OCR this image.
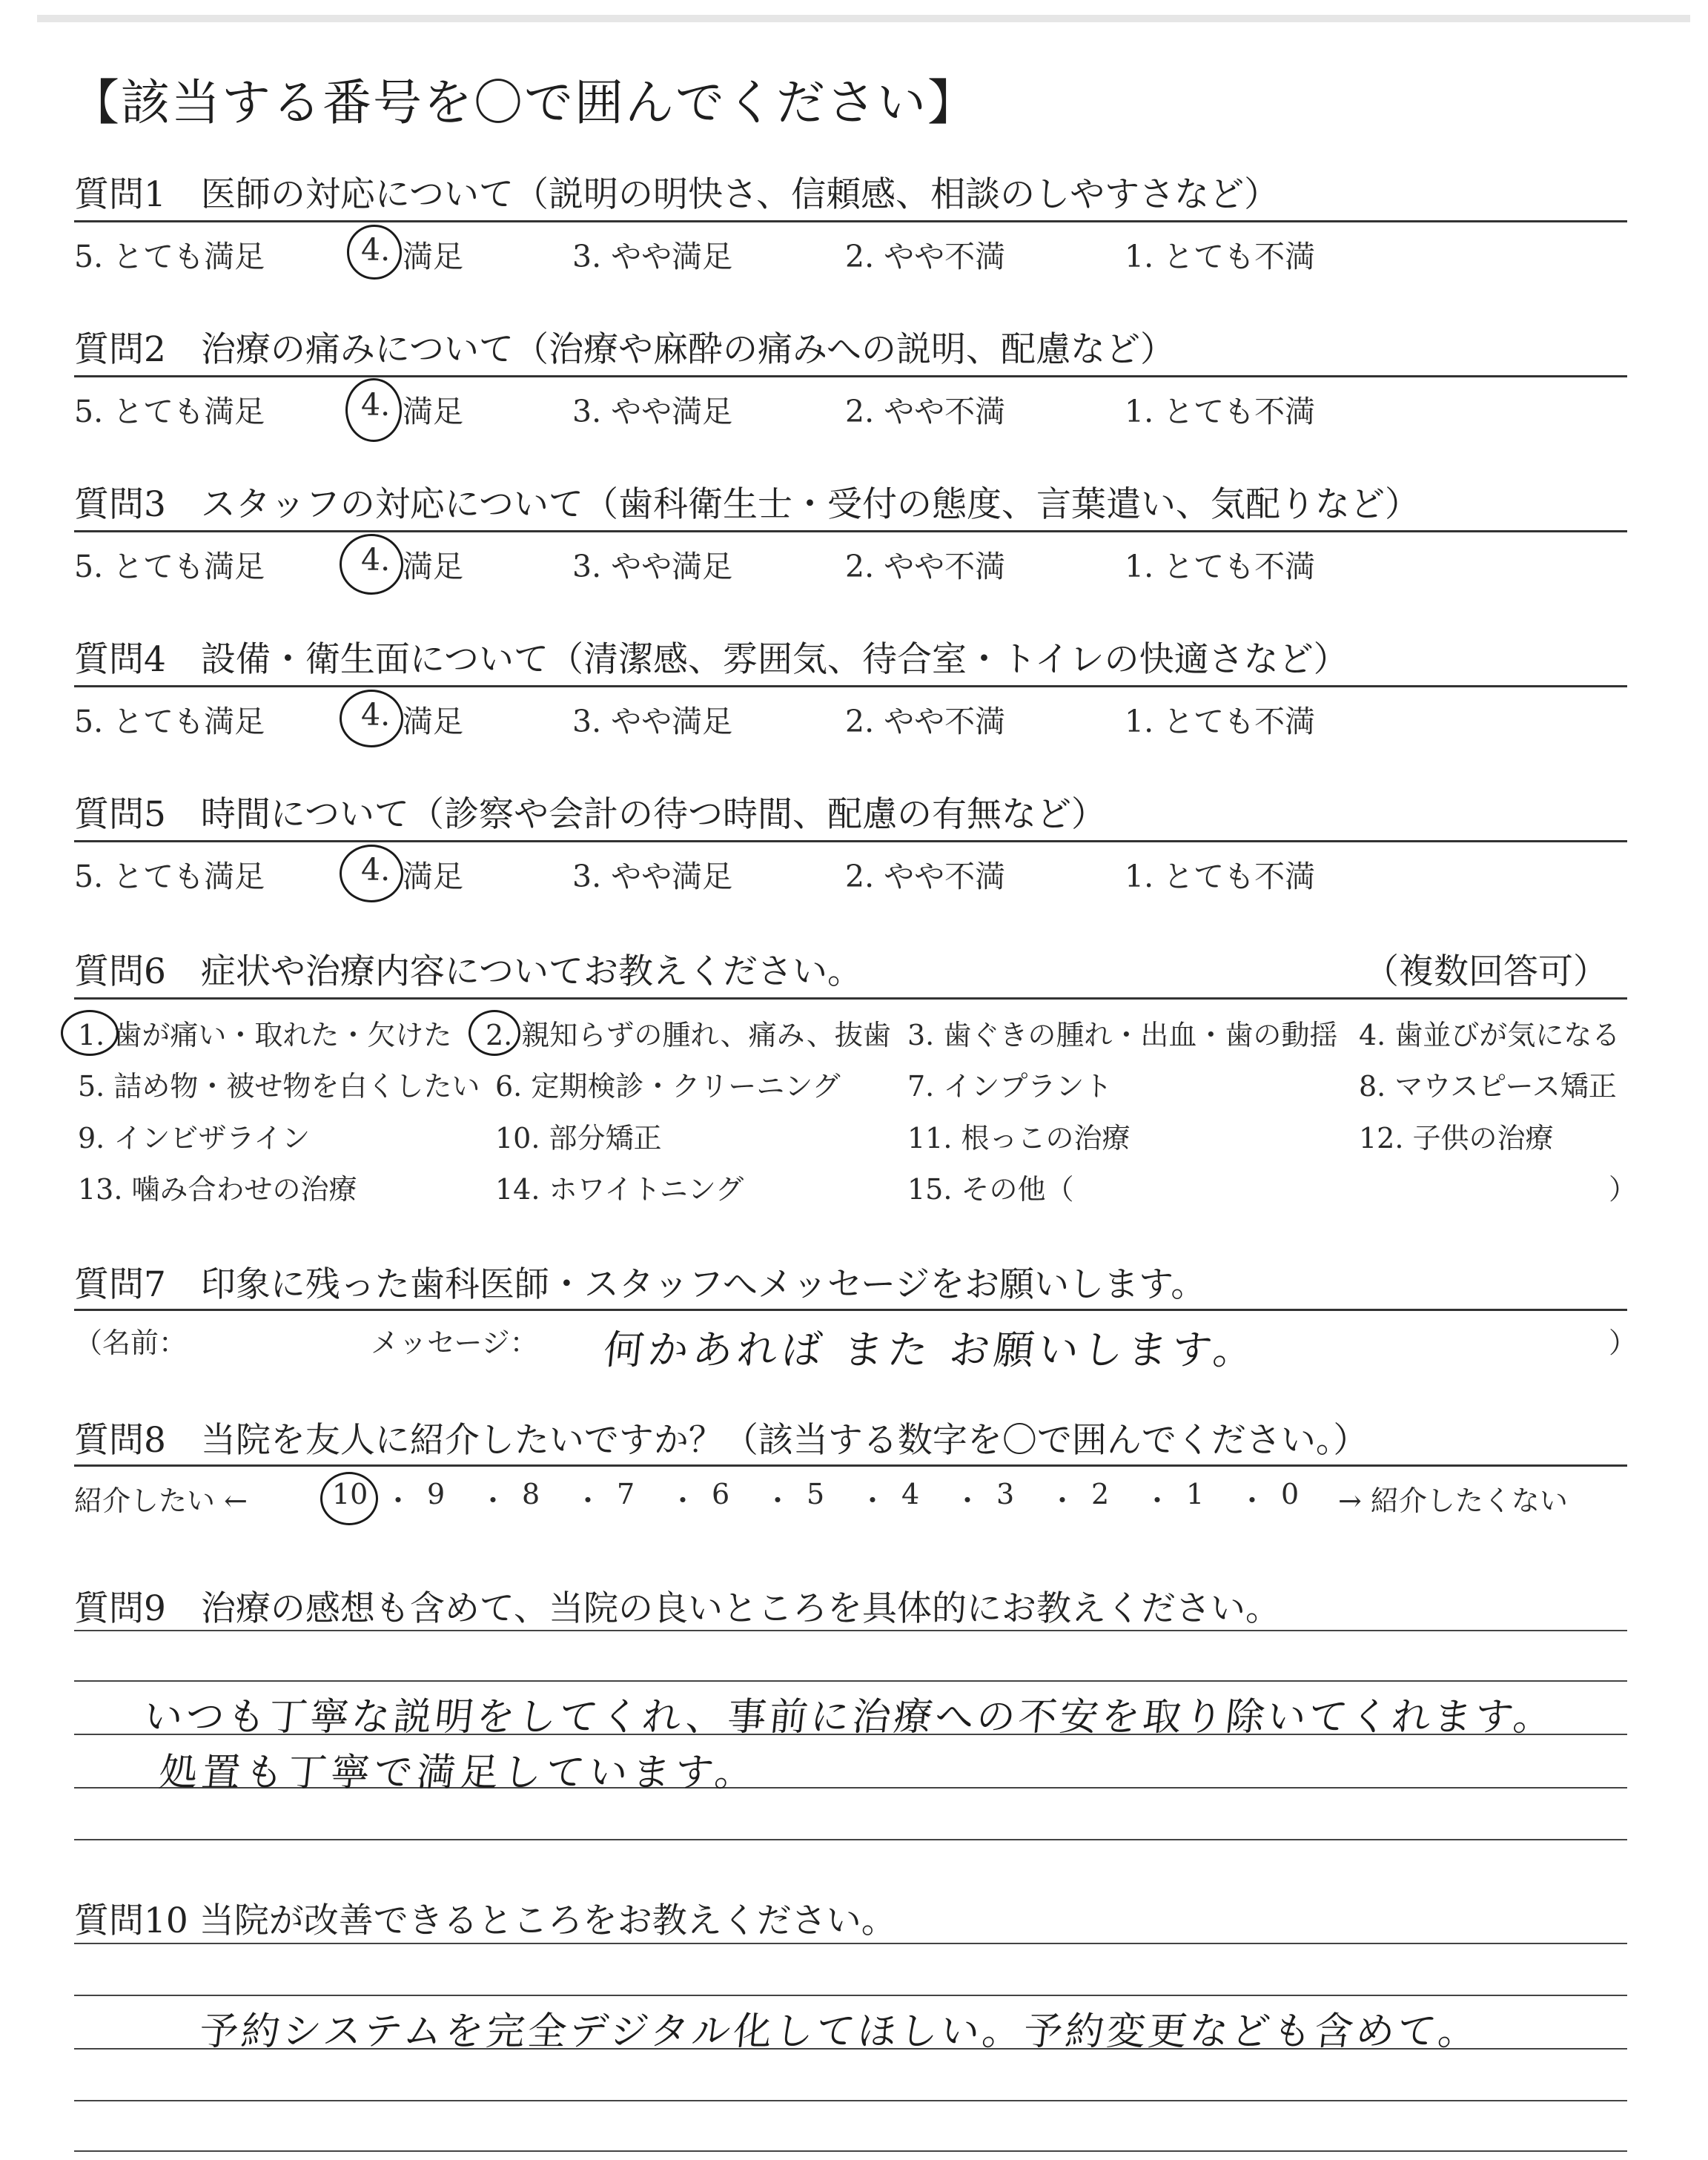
【該当する番号を〇で囲んでください】
質問1　医師の対応について（説明の明快さ、信頼感、相談のしやすさなど）
5. とても満足	4. 満足	3. やや満足	2. やや不満	1. とても不満
質問2　治療の痛みについて（治療や麻酔の痛みへの説明、配慮など）
5. とても満足	4. 満足	3. やや満足	2. やや不満	1. とても不満
質問3　スタッフの対応について（歯科衛生士・受付の態度、言葉遣い、気配りなど）
5. とても満足	4. 満足	3. やや満足	2. やや不満	1. とても不満
質問4　設備・衛生面について（清潔感、雰囲気、待合室・トイレの快適さなど）
5. とても満足	4. 満足	3. やや満足	2. やや不満	1. とても不満
質問5　時間について（診察や会計の待つ時間、配慮の有無など）
5. とても満足	4. 満足	3. やや満足	2. やや不満	1. とても不満
質問6　症状や治療内容についてお教えください。	（複数回答可）
1. 歯が痛い・取れた・欠けた 2. 親知らずの腫れ、痛み、抜歯 3. 歯ぐきの腫れ・出血・歯の動揺 4. 歯並びが気になる
5. 詰め物・被せ物を白くしたい 6. 定期検診・クリーニング 7. インプラント	8. マウスピース矯正
9. インビザライン	10. 部分矯正	11. 根っこの治療	12. 子供の治療
13. 噛み合わせの治療	14. ホワイトニング	15. その他（	）
質問7　印象に残った歯科医師・スタッフへメッセージをお願いします。
（名前：	メッセージ： 何かあれば また お願いします。	）
質問8　当院を友人に紹介したいですか？（該当する数字を〇で囲んでください。）
紹介したい ←	→ 紹介したくない
10 ・ 9 ・ 8 ・ 7 ・ 6 ・ 5 ・ 4 ・ 3 ・ 2 ・ 1 ・ 0
質問9　治療の感想も含めて、当院の良いところを具体的にお教えください。
いつも丁寧な説明をしてくれ、事前に治療への不安を取り除いてくれます。
処置も丁寧で満足しています。
質問10 当院が改善できるところをお教えください。
予約システムを完全デジタル化してほしい。予約変更なども含めて。
